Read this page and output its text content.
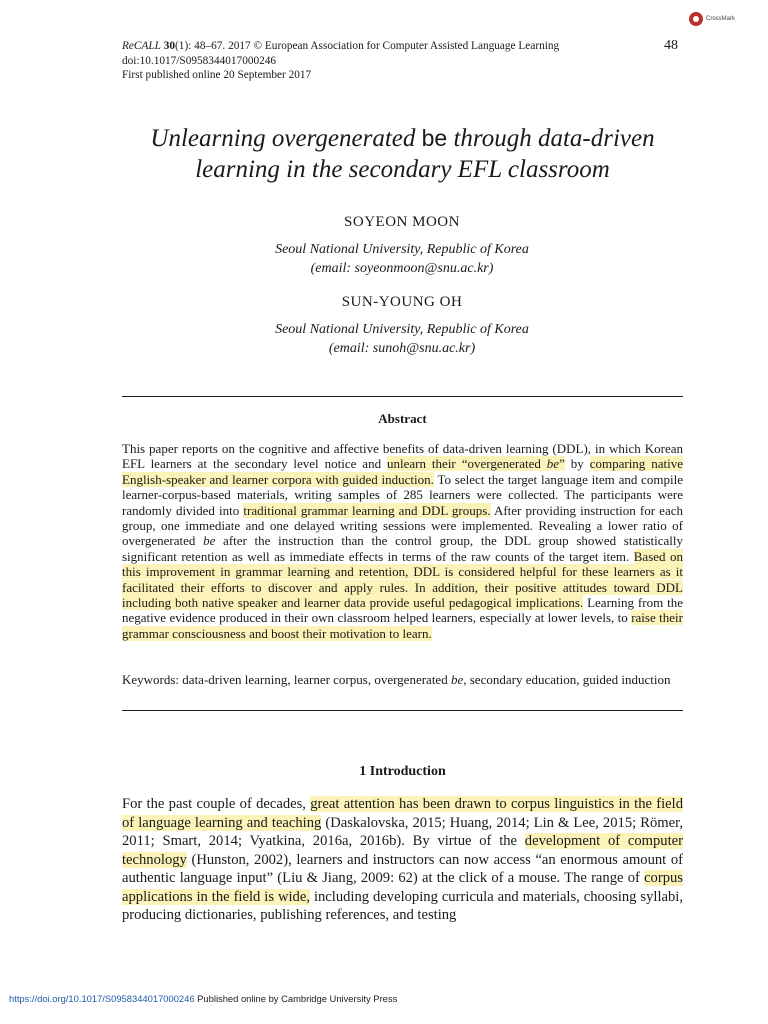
ReCALL 30(1): 48–67. 2017 © European Association for Computer Assisted Language Learning
doi:10.1017/S0958344017000246
First published online 20 September 2017
48
CrossMark
Unlearning overgenerated be through data-driven
learning in the secondary EFL classroom
SOYEON MOON
Seoul National University, Republic of Korea
(email: soyeonmoon@snu.ac.kr)
SUN-YOUNG OH
Seoul National University, Republic of Korea
(email: sunoh@snu.ac.kr)
Abstract
This paper reports on the cognitive and affective benefits of data-driven learning (DDL), in which Korean EFL learners at the secondary level notice and unlearn their “overgenerated be” by comparing native English-speaker and learner corpora with guided induction. To select the target language item and compile learner-corpus-based materials, writing samples of 285 learners were collected. The participants were randomly divided into traditional grammar learning and DDL groups. After providing instruction for each group, one immediate and one delayed writing sessions were implemented. Revealing a lower ratio of overgenerated be after the instruction than the control group, the DDL group showed statistically significant retention as well as immediate effects in terms of the raw counts of the target item. Based on this improvement in grammar learning and retention, DDL is considered helpful for these learners as it facilitated their efforts to discover and apply rules. In addition, their positive attitudes toward DDL including both native speaker and learner data provide useful pedagogical implications. Learning from the negative evidence produced in their own classroom helped learners, especially at lower levels, to raise their grammar consciousness and boost their motivation to learn.
Keywords: data-driven learning, learner corpus, overgenerated be, secondary education, guided induction
1 Introduction
For the past couple of decades, great attention has been drawn to corpus linguistics in the field of language learning and teaching (Daskalovska, 2015; Huang, 2014; Lin & Lee, 2015; Römer, 2011; Smart, 2014; Vyatkina, 2016a, 2016b). By virtue of the development of computer technology (Hunston, 2002), learners and instructors can now access “an enormous amount of authentic language input” (Liu & Jiang, 2009: 62) at the click of a mouse. The range of corpus applications in the field is wide, including developing curricula and materials, choosing syllabi, producing dictionaries, publishing references, and testing
https://doi.org/10.1017/S0958344017000246 Published online by Cambridge University Press
